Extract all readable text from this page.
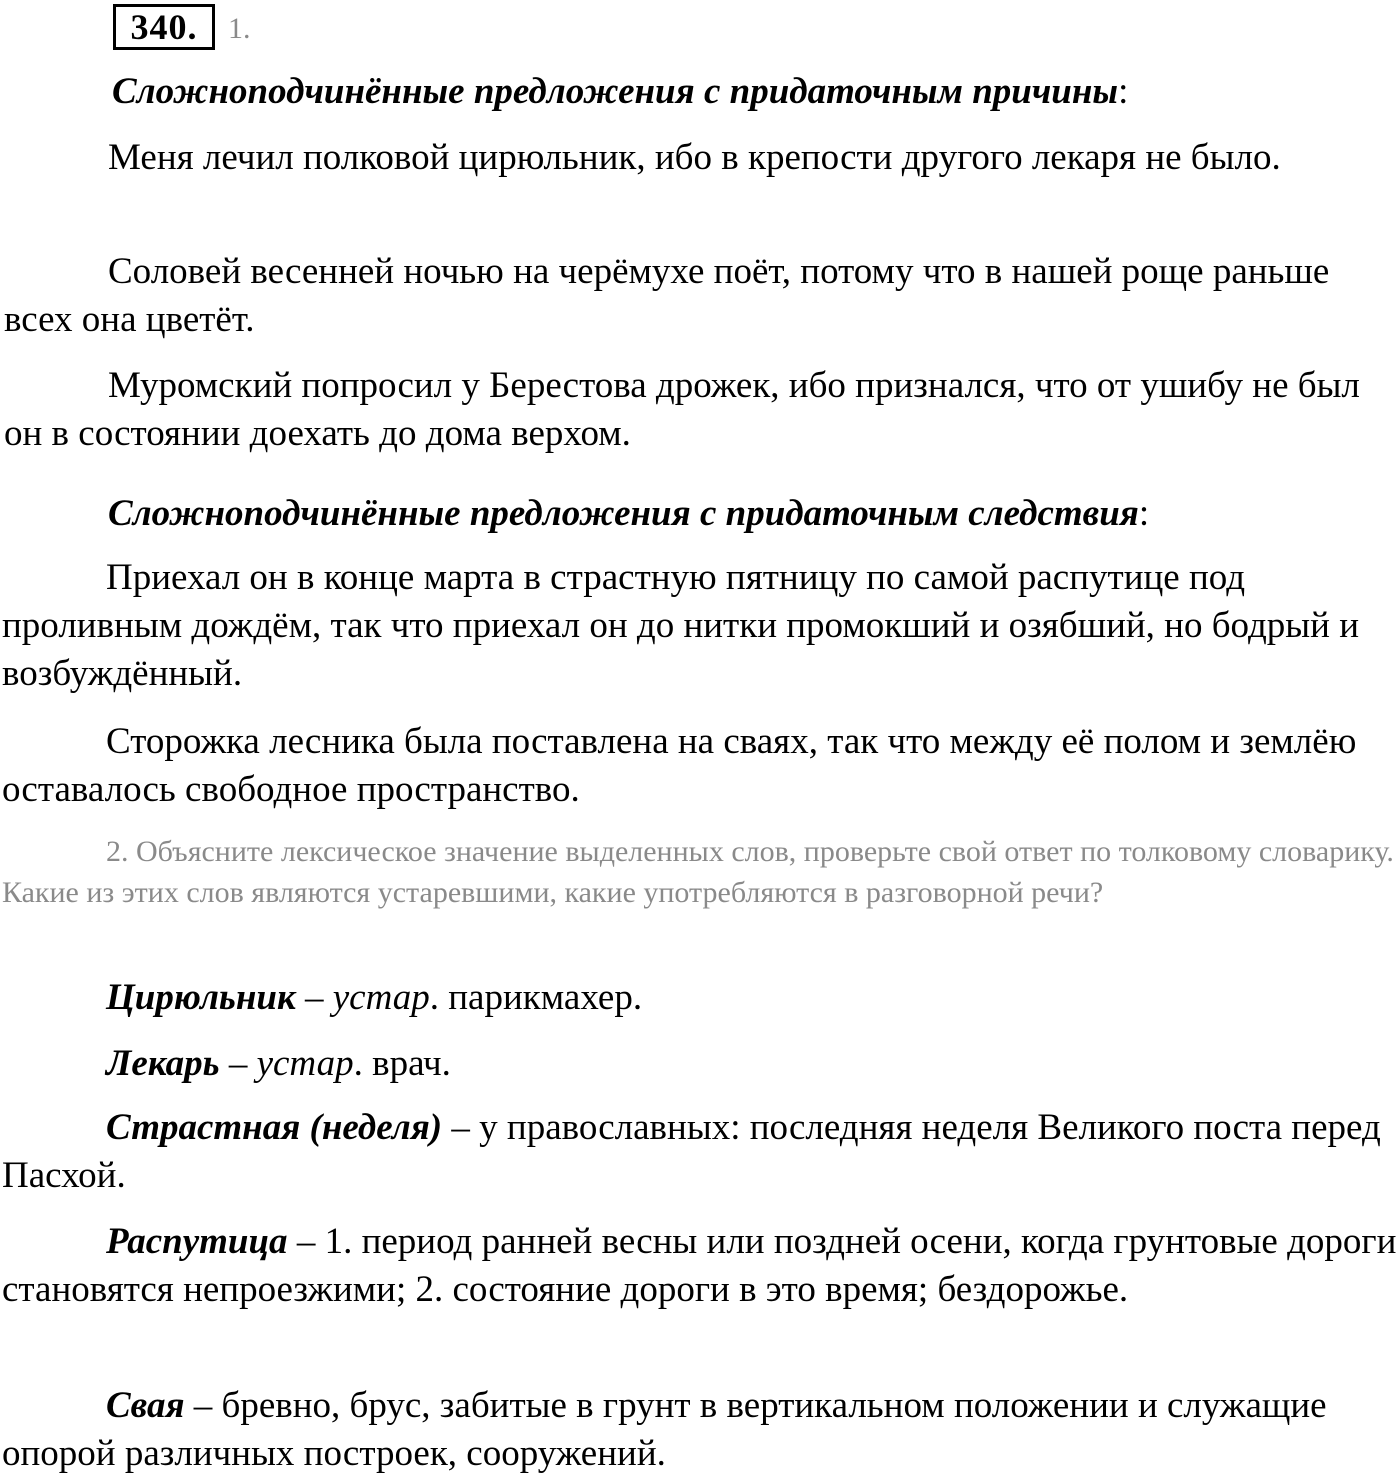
340.	1.

Сложноподчинённые предложения с придаточным причины:

Меня лечил полковой цирюльник, ибо в крепости другого лекаря не было.

Соловей весенней ночью на черёмухе поёт, потому что в нашей роще раньше всех она цветёт.

Муромский попросил у Берестова дрожек, ибо признался, что от ушибу не был он в состоянии доехать до дома верхом.

Сложноподчинённые предложения с придаточным следствия:

Приехал он в конце марта в страстную пятницу по самой распутице под проливным дождём, так что приехал он до нитки промокший и озябший, но бодрый и возбуждённый.

Сторожка лесника была поставлена на сваях, так что между её полом и землёю оставалось свободное пространство.

2. Объясните лексическое значение выделенных слов, проверьте свой ответ по толковому словарику. Какие из этих слов являются устаревшими, какие употребляются в разговорной речи?

Цирюльник – устар. парикмахер.

Лекарь – устар. врач.

Страстная (неделя) – у православных: последняя неделя Великого поста перед Пасхой.

Распутица – 1. период ранней весны или поздней осени, когда грунтовые дороги становятся непроезжими; 2. состояние дороги в это время; бездорожье.

Свая – бревно, брус, забитые в грунт в вертикальном положении и служащие опорой различных построек, сооружений.
